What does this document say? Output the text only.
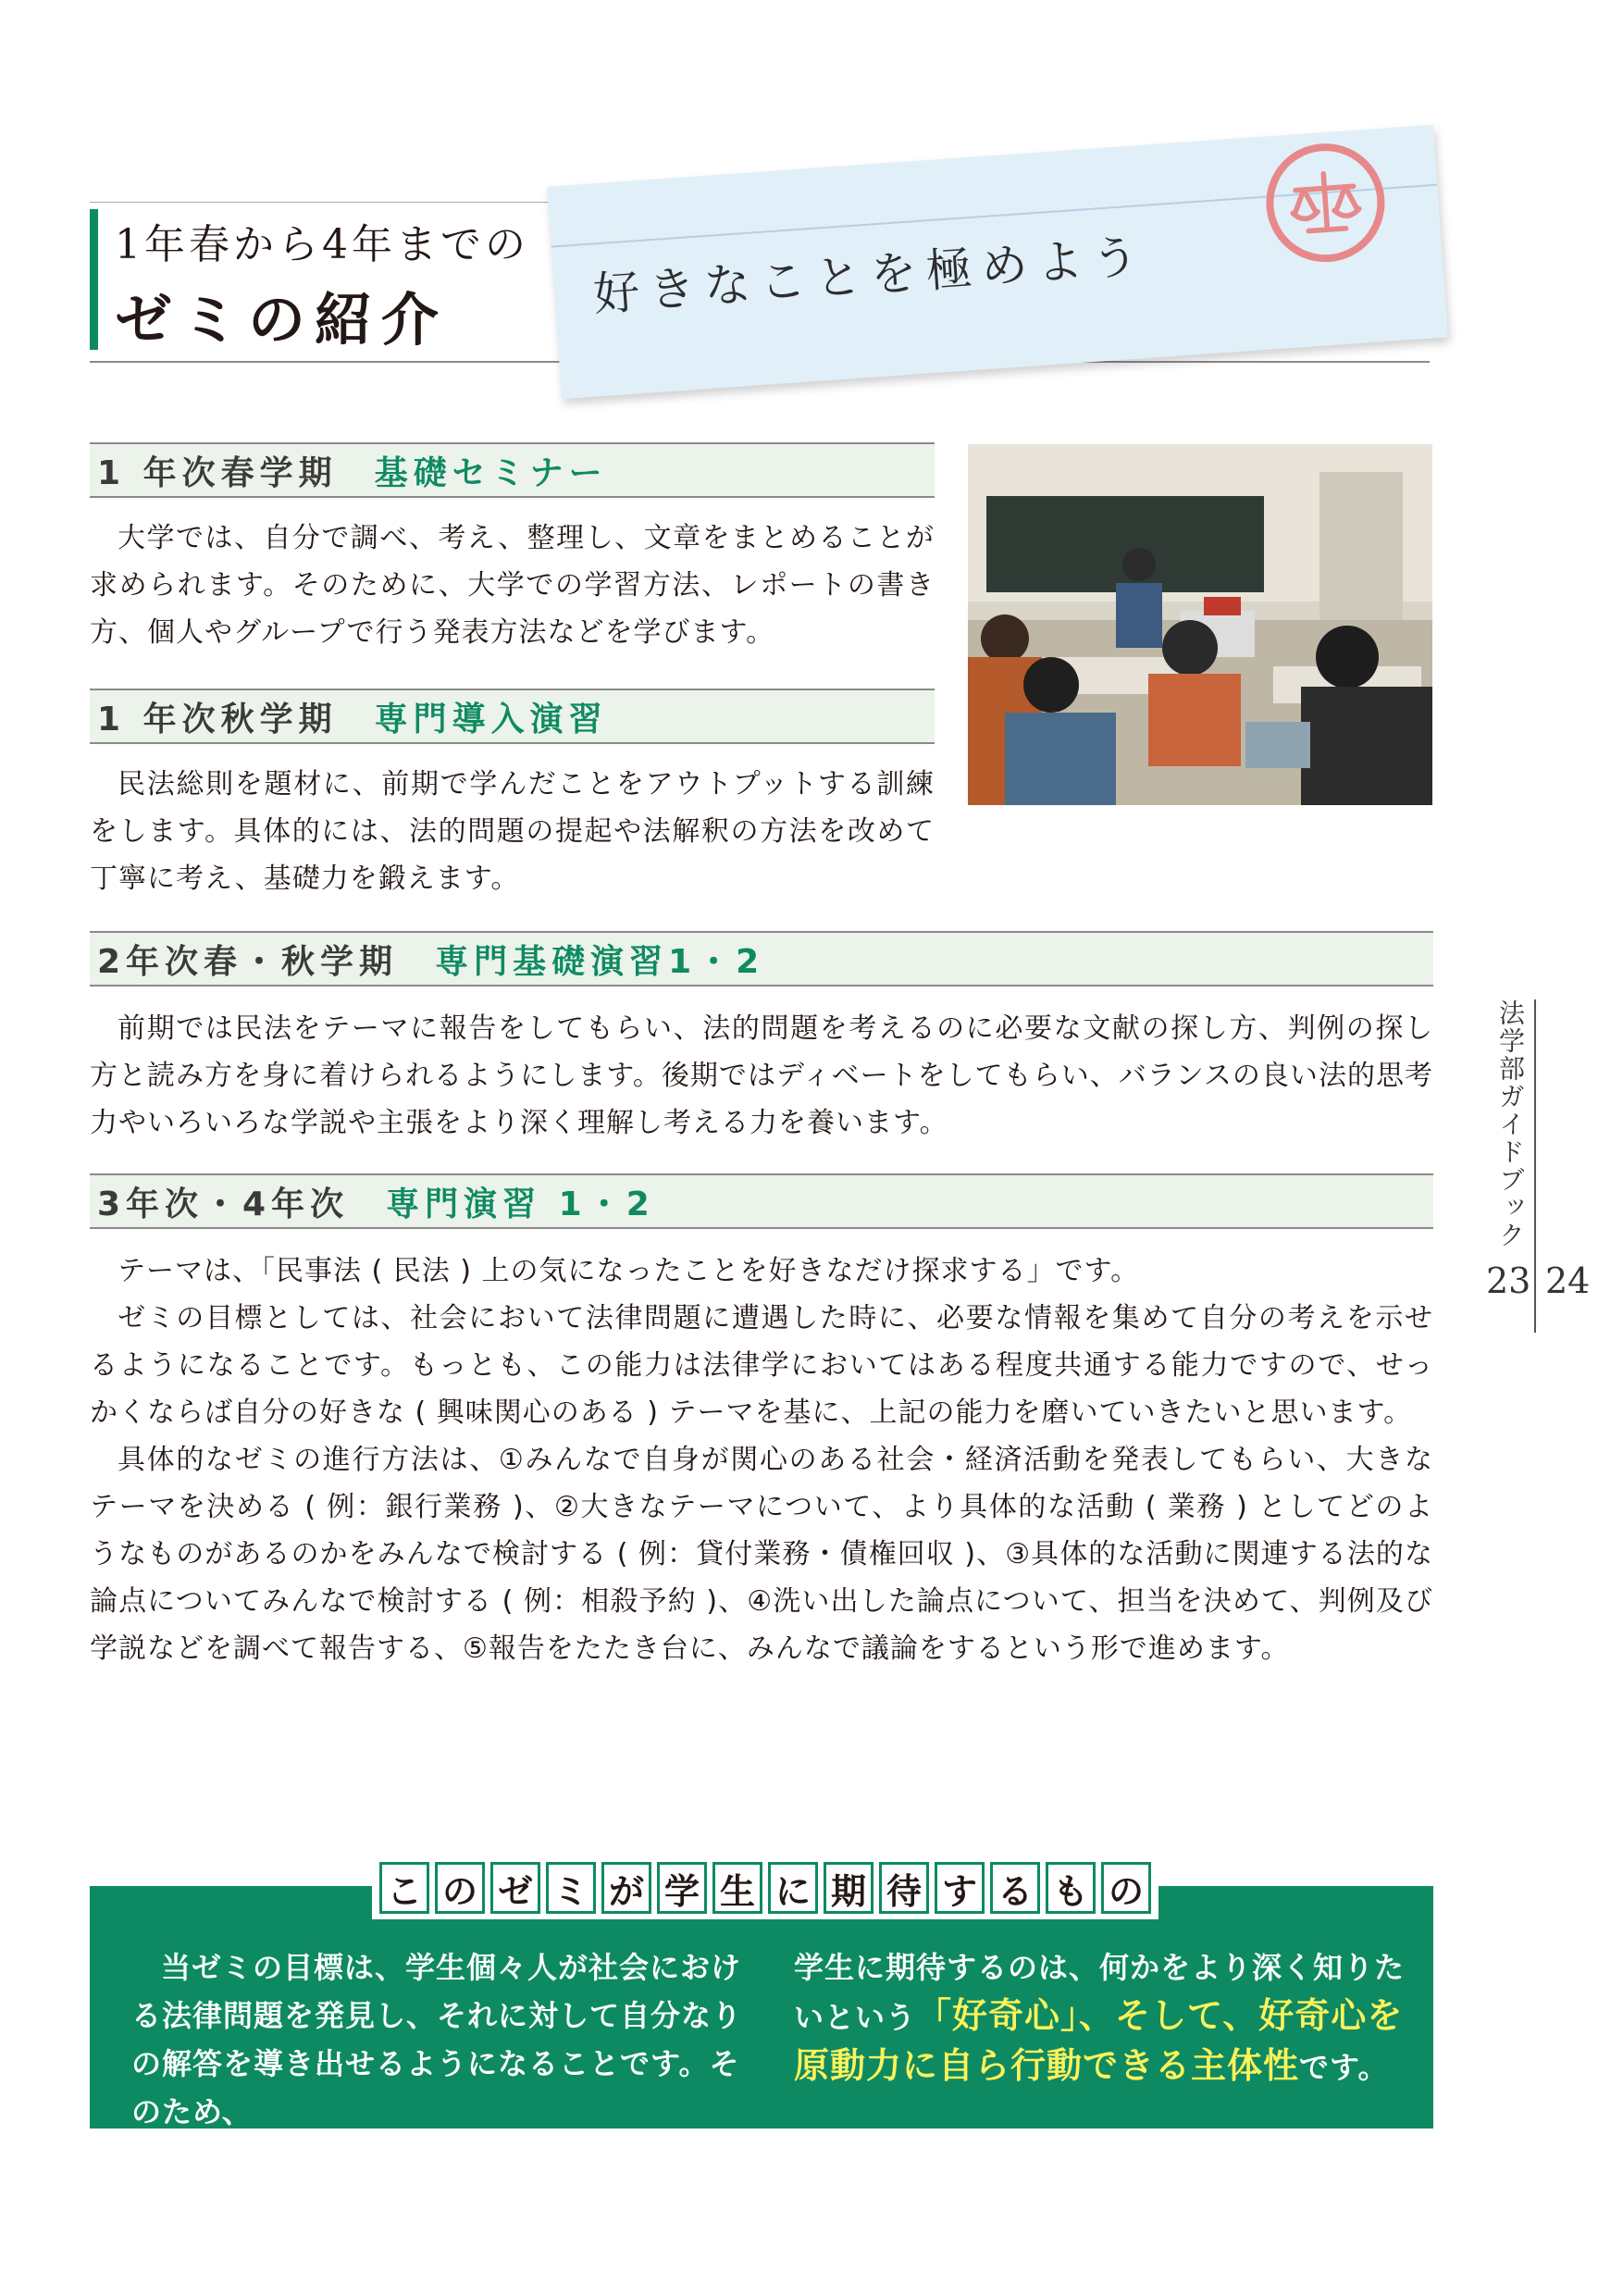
1年春から4年までの
ゼミの紹介	好きなことを極めよう
1 年次春学期 基礎セミナー

大学では、自分で調べ、考え、整理し、文章をまとめることが求められます。そのために、大学での学習方法、レポートの書き方、個人やグループで行う発表方法などを学びます。

1 年次秋学期 専門導入演習

民法総則を題材に、前期で学んだことをアウトプットする訓練をします。具体的には、法的問題の提起や法解釈の方法を改めて丁寧に考え、基礎力を鍛えます。

2年次春・秋学期 専門基礎演習1・2

前期では民法をテーマに報告をしてもらい、法的問題を考えるのに必要な文献の探し方、判例の探し方と読み方を身に着けられるようにします。後期ではディベートをしてもらい、バランスの良い法的思考力やいろいろな学説や主張をより深く理解し考える力を養います。

3年次・4年次 専門演習 1・2

テーマは、「民事法 ( 民法 ) 上の気になったことを好きなだけ探求する」です。

ゼミの目標としては、社会において法律問題に遭遇した時に、必要な情報を集めて自分の考えを示せるようになることです。もっとも、この能力は法律学においてはある程度共通する能力ですので、せっかくならば自分の好きな ( 興味関心のある ) テーマを基に、上記の能力を磨いていきたいと思います。

具体的なゼミの進行方法は、①みんなで自身が関心のある社会・経済活動を発表してもらい、大きなテーマを決める ( 例：銀行業務 )、②大きなテーマについて、より具体的な活動 ( 業務 ) としてどのようなものがあるのかをみんなで検討する ( 例：貸付業務・債権回収 )、③具体的な活動に関連する法的な論点についてみんなで検討する ( 例：相殺予約 )、④洗い出した論点について、担当を決めて、判例及び学説などを調べて報告する、⑤報告をたたき台に、みんなで議論をするという形で進めます。

法学部ガイドブック
23 24
こ の ゼ ミ が 学 生 に 期 待 す る も の
当ゼミの目標は、学生個々人が社会における法律問題を発見し、それに対して自分なりの解答を導き出せるようになることです。そのため、
学生に期待するのは、何かをより深く知りたいという「好奇心」、そして、好奇心を原動力に自ら行動できる主体性です。
